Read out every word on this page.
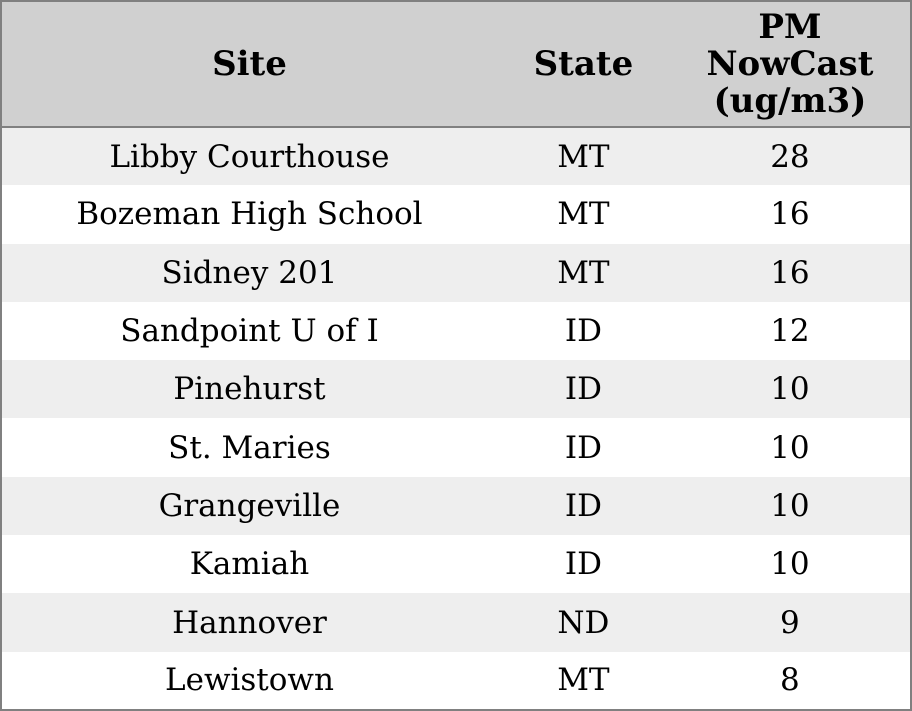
Site	State	PM
NowCast
(ug/m3)

Libby Courthouse	MT	28
Bozeman High School	MT	16
Sidney 201	MT	16
Sandpoint U of I	ID	12
Pinehurst	ID	10
St. Maries	ID	10
Grangeville	ID	10
Kamiah	ID	10
Hannover	ND	9
Lewistown	MT	8
